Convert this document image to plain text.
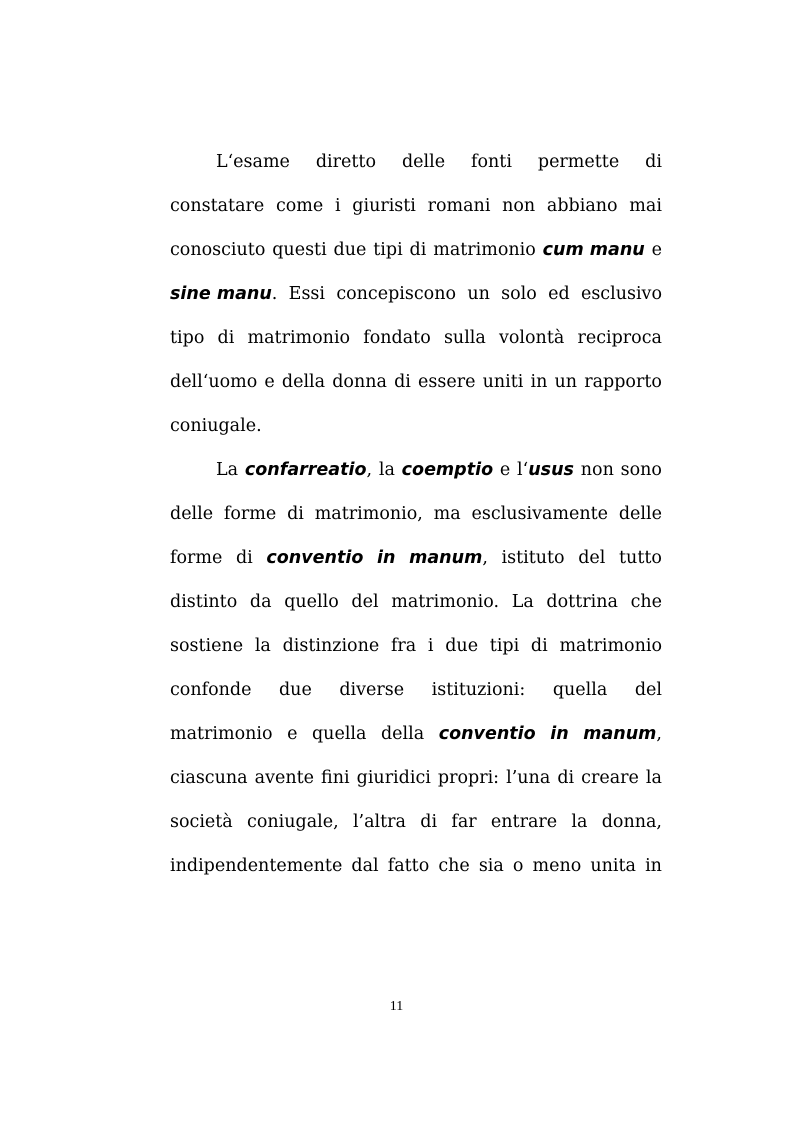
L‘esame diretto delle fonti permette di
constatare come i giuristi romani non abbiano mai
conosciuto questi due tipi di matrimonio cum manu e
sine manu. Essi concepiscono un solo ed esclusivo
tipo di matrimonio fondato sulla volontà reciproca
dell‘uomo e della donna di essere uniti in un rapporto
coniugale.
La confarreatio, la coemptio e l‘usus non sono
delle forme di matrimonio, ma esclusivamente delle
forme di conventio in manum, istituto del tutto
distinto da quello del matrimonio. La dottrina che
sostiene la distinzione fra i due tipi di matrimonio
confonde due diverse istituzioni: quella del
matrimonio e quella della conventio in manum,
ciascuna avente fini giuridici propri: l’una di creare la
società coniugale, l’altra di far entrare la donna,
indipendentemente dal fatto che sia o meno unita in
11
